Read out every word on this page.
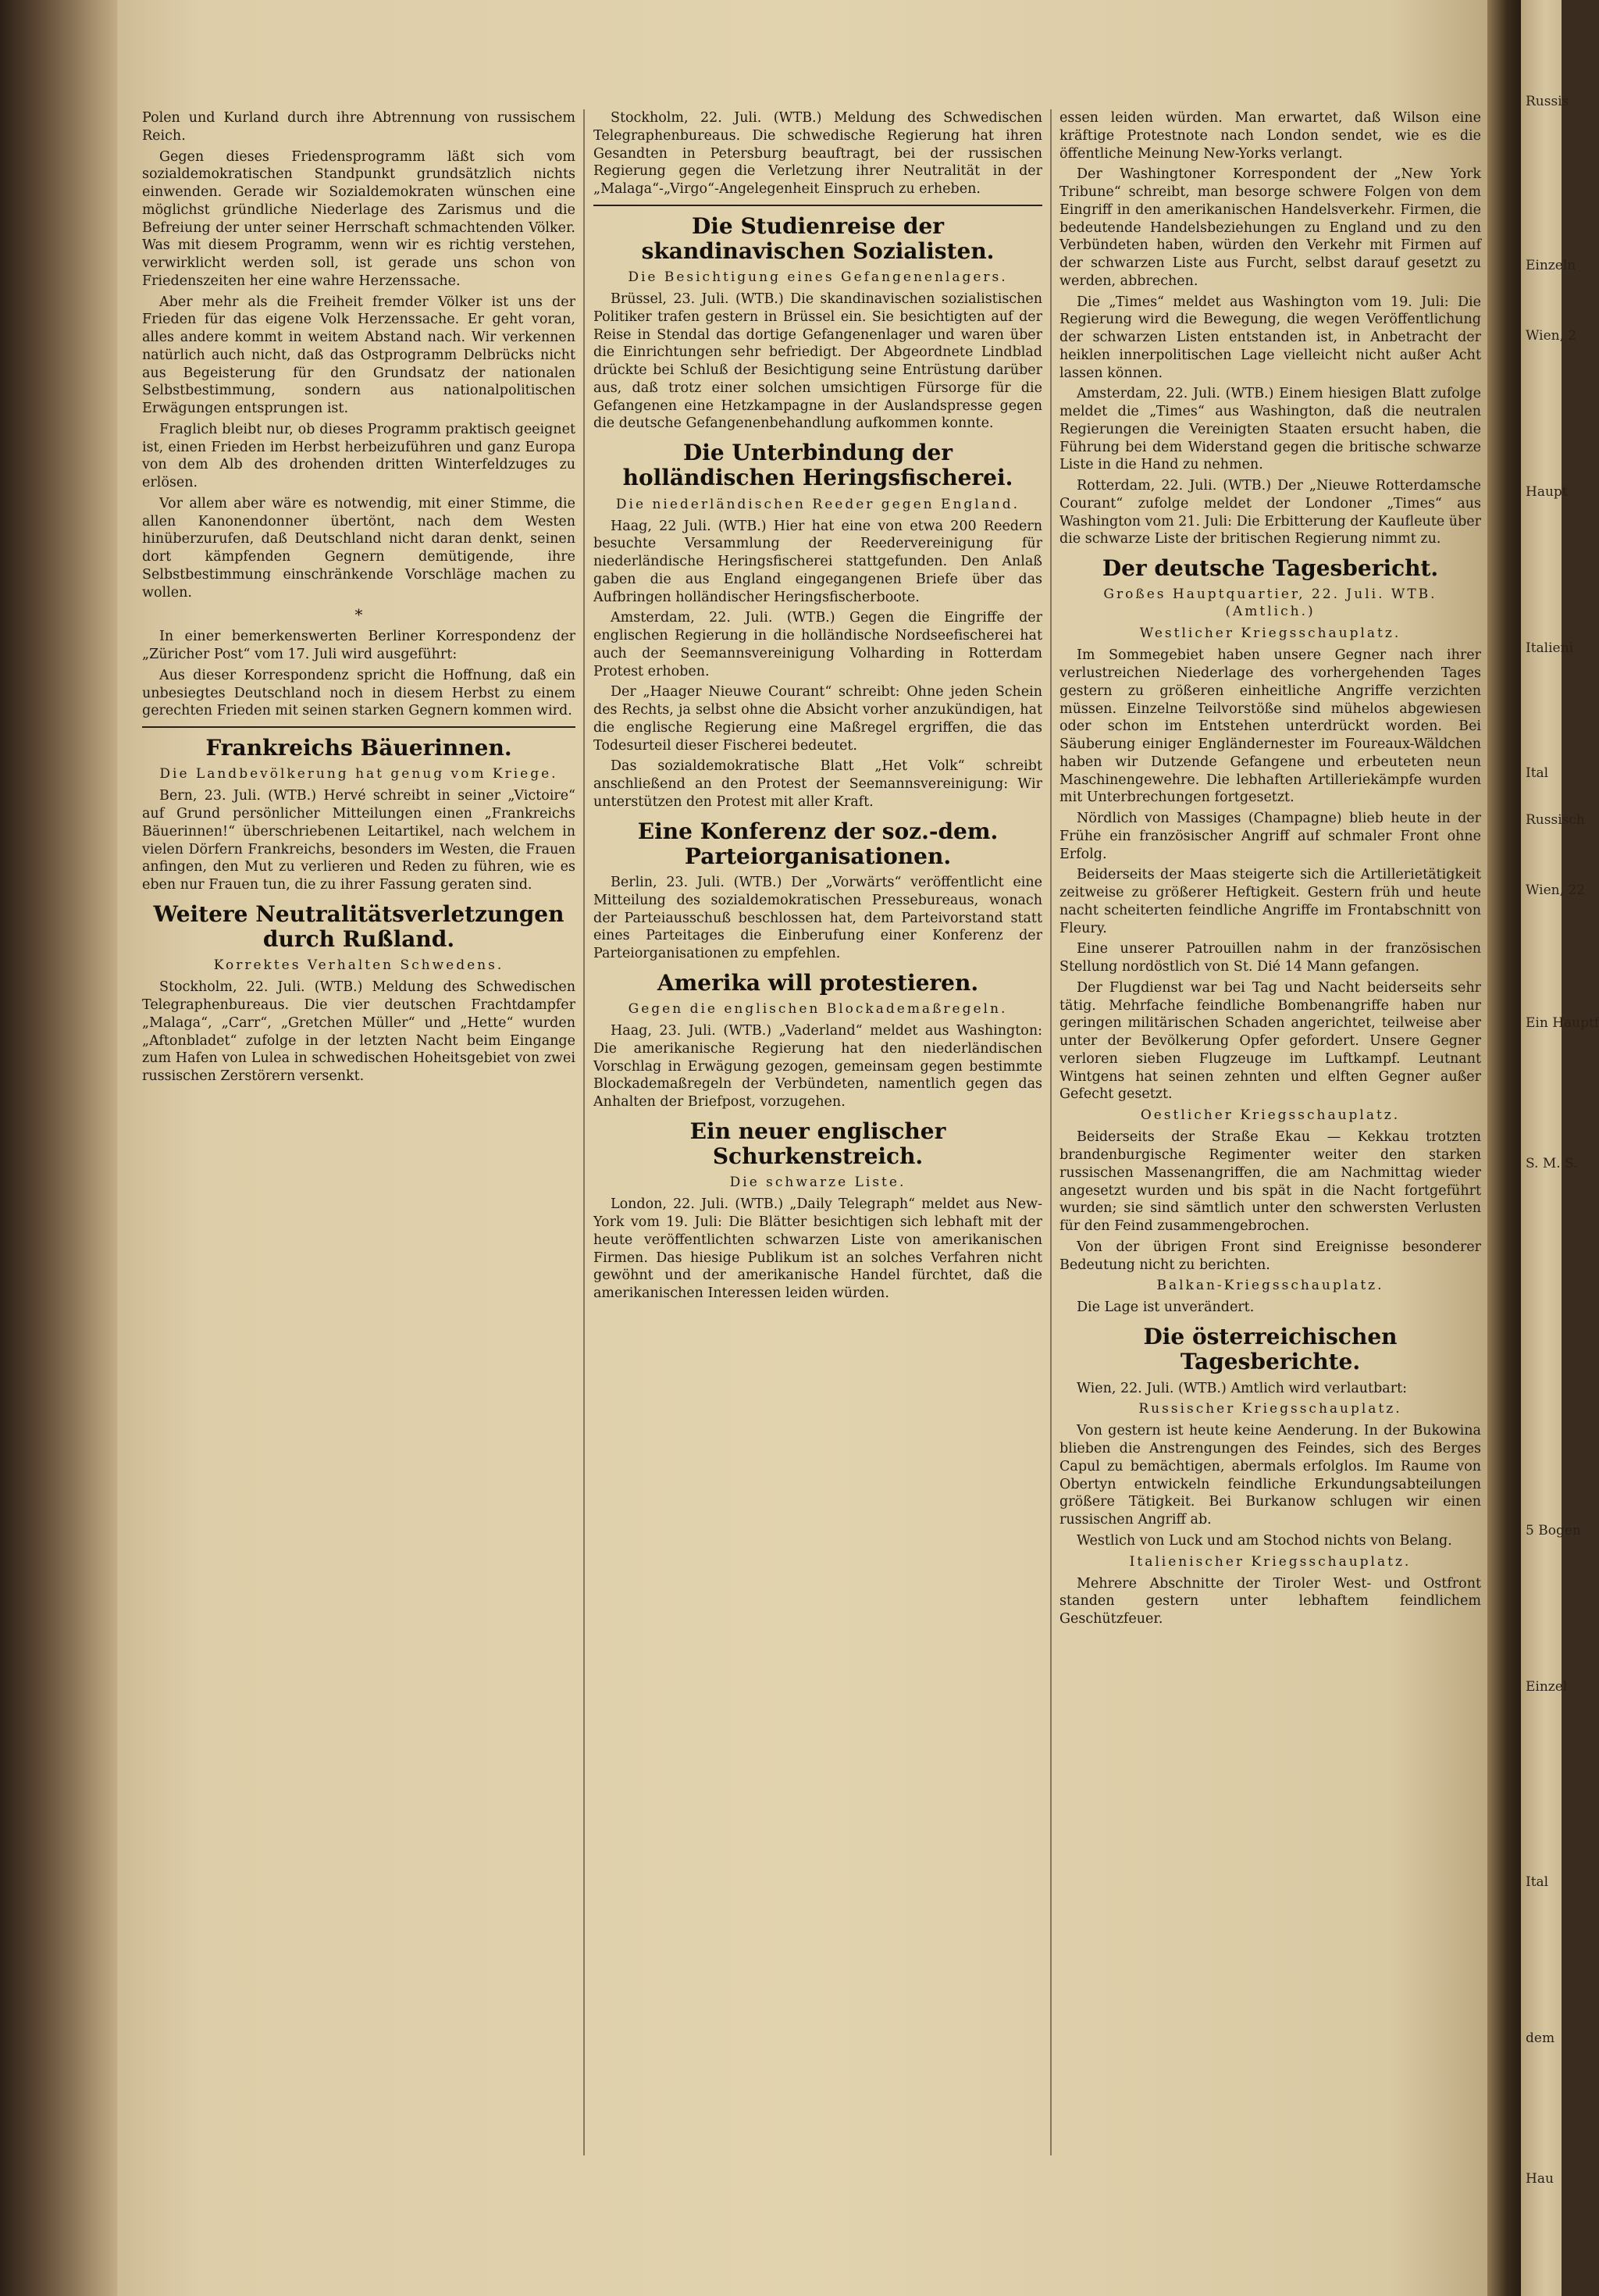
Polen und Kurland durch ihre Abtrennung von russischem Reich.

Gegen dieses Friedensprogramm läßt sich vom sozialdemokratischen Standpunkt grundsätzlich nichts einwenden. Gerade wir Sozialdemokraten wünschen eine möglichst gründliche Niederlage des Zarismus und die Befreiung der unter seiner Herrschaft schmachtenden Völker. Was mit diesem Programm, wenn wir es richtig verstehen, verwirklicht werden soll, ist gerade uns schon von Friedenszeiten her eine wahre Herzenssache.

Aber mehr als die Freiheit fremder Völker ist uns der Frieden für das eigene Volk Herzenssache. Er geht voran, alles andere kommt in weitem Abstand nach. Wir verkennen natürlich auch nicht, daß das Ostprogramm Delbrücks nicht aus Begeisterung für den Grundsatz der nationalen Selbstbestimmung, sondern aus nationalpolitischen Erwägungen entsprungen ist.

Fraglich bleibt nur, ob dieses Programm praktisch geeignet ist, einen Frieden im Herbst herbeizuführen und ganz Europa von dem Alb des drohenden dritten Winterfeldzuges zu erlösen.

Vor allem aber wäre es notwendig, mit einer Stimme, die allen Kanonendonner übertönt, nach dem Westen hinüberzurufen, daß Deutschland nicht daran denkt, seinen dort kämpfenden Gegnern demütigende, ihre Selbstbestimmung einschränkende Vorschläge machen zu wollen.

*

In einer bemerkenswerten Berliner Korrespondenz der „Züricher Post“ vom 17. Juli wird ausgeführt:

Aus dieser Korrespondenz spricht die Hoffnung, daß ein unbesiegtes Deutschland noch in diesem Herbst zu einem gerechten Frieden mit seinen starken Gegnern kommen wird.

Frankreichs Bäuerinnen.
Die Landbevölkerung hat genug vom Kriege.

Bern, 23. Juli. (WTB.) Hervé schreibt in seiner „Victoire“ auf Grund persönlicher Mitteilungen einen „Frankreichs Bäuerinnen!“ überschriebenen Leitartikel, nach welchem in vielen Dörfern Frankreichs, besonders im Westen, die Frauen anfingen, den Mut zu verlieren und Reden zu führen, wie es eben nur Frauen tun, die zu ihrer Fassung geraten sind.

Weitere Neutralitätsverletzungen durch Rußland.
Korrektes Verhalten Schwedens.

Stockholm, 22. Juli. (WTB.) Meldung des Schwedischen Telegraphenbureaus. Die vier deutschen Frachtdampfer „Malaga“, „Carr“, „Gretchen Müller“ und „Hette“ wurden „Aftonbladet“ zufolge in der letzten Nacht beim Eingange zum Hafen von Lulea in schwedischen Hoheitsgebiet von zwei russischen Zerstörern versenkt.

Stockholm, 22. Juli. (WTB.) Meldung des Schwedischen Telegraphenbureaus. Die schwedische Regierung hat ihren Gesandten in Petersburg beauftragt, bei der russischen Regierung gegen die Verletzung ihrer Neutralität in der „Malaga“-„Virgo“-Angelegenheit Einspruch zu erheben.

Die Studienreise der skandinavischen Sozialisten.
Die Besichtigung eines Gefangenenlagers.

Brüssel, 23. Juli. (WTB.) Die skandinavischen sozialistischen Politiker trafen gestern in Brüssel ein. Sie besichtigten auf der Reise in Stendal das dortige Gefangenenlager und waren über die Einrichtungen sehr befriedigt. Der Abgeordnete Lindblad drückte bei Schluß der Besichtigung seine Entrüstung darüber aus, daß trotz einer solchen umsichtigen Fürsorge für die Gefangenen eine Hetzkampagne in der Auslandspresse gegen die deutsche Gefangenenbehandlung aufkommen konnte.

Die Unterbindung der holländischen Heringsfischerei.
Die niederländischen Reeder gegen England.

Haag, 22 Juli. (WTB.) Hier hat eine von etwa 200 Reedern besuchte Versammlung der Reedervereinigung für niederländische Heringsfischerei stattgefunden. Den Anlaß gaben die aus England eingegangenen Briefe über das Aufbringen holländischer Heringsfischerboote.

Amsterdam, 22. Juli. (WTB.) Gegen die Eingriffe der englischen Regierung in die holländische Nordseefischerei hat auch der Seemannsvereinigung Volharding in Rotterdam Protest erhoben.

Der „Haager Nieuwe Courant“ schreibt: Ohne jeden Schein des Rechts, ja selbst ohne die Absicht vorher anzukündigen, hat die englische Regierung eine Maßregel ergriffen, die das Todesurteil dieser Fischerei bedeutet.

Das sozialdemokratische Blatt „Het Volk“ schreibt anschließend an den Protest der Seemannsvereinigung: Wir unterstützen den Protest mit aller Kraft.

Eine Konferenz der soz.-dem. Parteiorganisationen.

Berlin, 23. Juli. (WTB.) Der „Vorwärts“ veröffentlicht eine Mitteilung des sozialdemokratischen Pressebureaus, wonach der Parteiausschuß beschlossen hat, dem Parteivorstand statt eines Parteitages die Einberufung einer Konferenz der Parteiorganisationen zu empfehlen.

Amerika will protestieren.
Gegen die englischen Blockademaßregeln.

Haag, 23. Juli. (WTB.) „Vaderland“ meldet aus Washington: Die amerikanische Regierung hat den niederländischen Vorschlag in Erwägung gezogen, gemeinsam gegen bestimmte Blockademaßregeln der Verbündeten, namentlich gegen das Anhalten der Briefpost, vorzugehen.

Ein neuer englischer Schurkenstreich.
Die schwarze Liste.

London, 22. Juli. (WTB.) „Daily Telegraph“ meldet aus New-York vom 19. Juli: Die Blätter besichtigen sich lebhaft mit der heute veröffentlichten schwarzen Liste von amerikanischen Firmen. Das hiesige Publikum ist an solches Verfahren nicht gewöhnt und der amerikanische Handel fürchtet, daß die amerikanischen Interessen leiden würden.

essen leiden würden. Man erwartet, daß Wilson eine kräftige Protestnote nach London sendet, wie es die öffentliche Meinung New-Yorks verlangt.

Der Washingtoner Korrespondent der „New York Tribune“ schreibt, man besorge schwere Folgen von dem Eingriff in den amerikanischen Handelsverkehr. Firmen, die bedeutende Handelsbeziehungen zu England und zu den Verbündeten haben, würden den Verkehr mit Firmen auf der schwarzen Liste aus Furcht, selbst darauf gesetzt zu werden, abbrechen.

Die „Times“ meldet aus Washington vom 19. Juli: Die Regierung wird die Bewegung, die wegen Veröffentlichung der schwarzen Listen entstanden ist, in Anbetracht der heiklen innerpolitischen Lage vielleicht nicht außer Acht lassen können.

Amsterdam, 22. Juli. (WTB.) Einem hiesigen Blatt zufolge meldet die „Times“ aus Washington, daß die neutralen Regierungen die Vereinigten Staaten ersucht haben, die Führung bei dem Widerstand gegen die britische schwarze Liste in die Hand zu nehmen.

Rotterdam, 22. Juli. (WTB.) Der „Nieuwe Rotterdamsche Courant“ zufolge meldet der Londoner „Times“ aus Washington vom 21. Juli: Die Erbitterung der Kaufleute über die schwarze Liste der britischen Regierung nimmt zu.

Der deutsche Tagesbericht.
Großes Hauptquartier, 22. Juli. WTB. (Amtlich.)
Westlicher Kriegsschauplatz.

Im Sommegebiet haben unsere Gegner nach ihrer verlustreichen Niederlage des vorhergehenden Tages gestern zu größeren einheitliche Angriffe verzichten müssen. Einzelne Teilvorstöße sind mühelos abgewiesen oder schon im Entstehen unterdrückt worden. Bei Säuberung einiger Engländernester im Foureaux-Wäldchen haben wir Dutzende Gefangene und erbeuteten neun Maschinengewehre. Die lebhaften Artilleriekämpfe wurden mit Unterbrechungen fortgesetzt.

Nördlich von Massiges (Champagne) blieb heute in der Frühe ein französischer Angriff auf schmaler Front ohne Erfolg.

Beiderseits der Maas steigerte sich die Artillerietätigkeit zeitweise zu größerer Heftigkeit. Gestern früh und heute nacht scheiterten feindliche Angriffe im Frontabschnitt von Fleury.

Eine unserer Patrouillen nahm in der französischen Stellung nordöstlich von St. Dié 14 Mann gefangen.

Der Flugdienst war bei Tag und Nacht beiderseits sehr tätig. Mehrfache feindliche Bombenangriffe haben nur geringen militärischen Schaden angerichtet, teilweise aber unter der Bevölkerung Opfer gefordert. Unsere Gegner verloren sieben Flugzeuge im Luftkampf. Leutnant Wintgens hat seinen zehnten und elften Gegner außer Gefecht gesetzt.

Oestlicher Kriegsschauplatz.

Beiderseits der Straße Ekau — Kekkau trotzten brandenburgische Regimenter weiter den starken russischen Massenangriffen, die am Nachmittag wieder angesetzt wurden und bis spät in die Nacht fortgeführt wurden; sie sind sämtlich unter den schwersten Verlusten für den Feind zusammengebrochen.

Von der übrigen Front sind Ereignisse besonderer Bedeutung nicht zu berichten.

Balkan-Kriegsschauplatz.

Die Lage ist unverändert.

Die österreichischen Tagesberichte.

Wien, 22. Juli. (WTB.) Amtlich wird verlautbart:

Russischer Kriegsschauplatz.

Von gestern ist heute keine Aenderung. In der Bukowina blieben die Anstrengungen des Feindes, sich des Berges Capul zu bemächtigen, abermals erfolglos. Im Raume von Obertyn entwickeln feindliche Erkundungsabteilungen größere Tätigkeit. Bei Burkanow schlugen wir einen russischen Angriff ab.

Westlich von Luck und am Stochod nichts von Belang.

Italienischer Kriegsschauplatz.

Mehrere Abschnitte der Tiroler West- und Ostfront standen gestern unter lebhaftem feindlichem Geschützfeuer.

Russis
Einzeln
Wien, 2
Haupt
Italieni
Ital
Russisch
Wien, 22
Ein Hauptf
S. M. S.
5 Bogen
Einzel
Ital
dem
Hau
